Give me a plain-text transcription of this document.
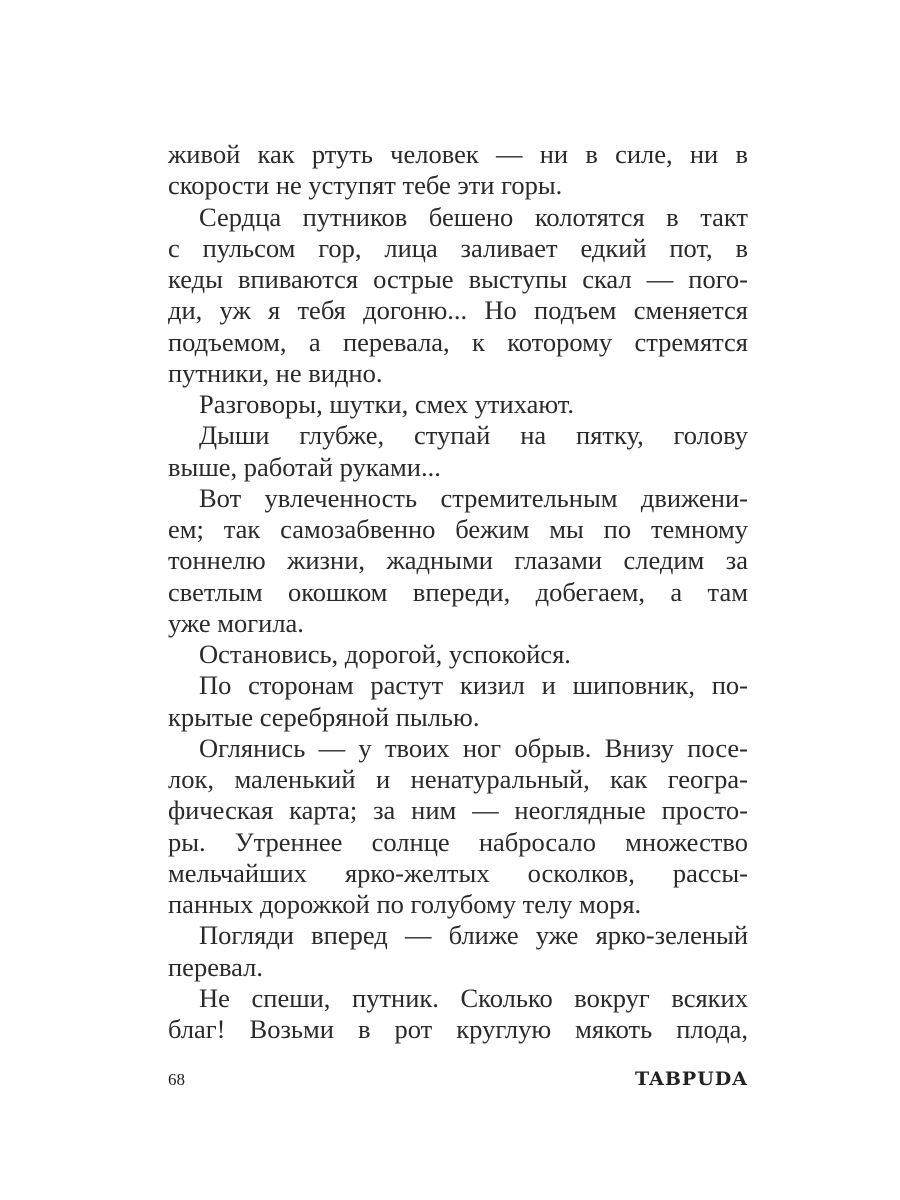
живой как ртуть человек — ни в силе, ни в
скорости не уступят тебе эти горы.
Сердца путников бешено колотятся в такт
с пульсом гор, лица заливает едкий пот, в
кеды впиваются острые выступы скал — пого-
ди, уж я тебя догоню... Но подъем сменяется
подъемом, а перевала, к которому стремятся
путники, не видно.
Разговоры, шутки, смех утихают.
Дыши глубже, ступай на пятку, голову
выше, работай руками...
Вот увлеченность стремительным движени-
ем; так самозабвенно бежим мы по темному
тоннелю жизни, жадными глазами следим за
светлым окошком впереди, добегаем, а там
уже могила.
Остановись, дорогой, успокойся.
По сторонам растут кизил и шиповник, по-
крытые серебряной пылью.
Оглянись — у твоих ног обрыв. Внизу посе-
лок, маленький и ненатуральный, как геогра-
фическая карта; за ним — неоглядные просто-
ры. Утреннее солнце набросало множество
мельчайших ярко-желтых осколков, рассы-
панных дорожкой по голубому телу моря.
Погляди вперед — ближе уже ярко-зеленый
перевал.
Не спеши, путник. Сколько вокруг всяких
благ! Возьми в рот круглую мякоть плода,
68	TABPUDA
